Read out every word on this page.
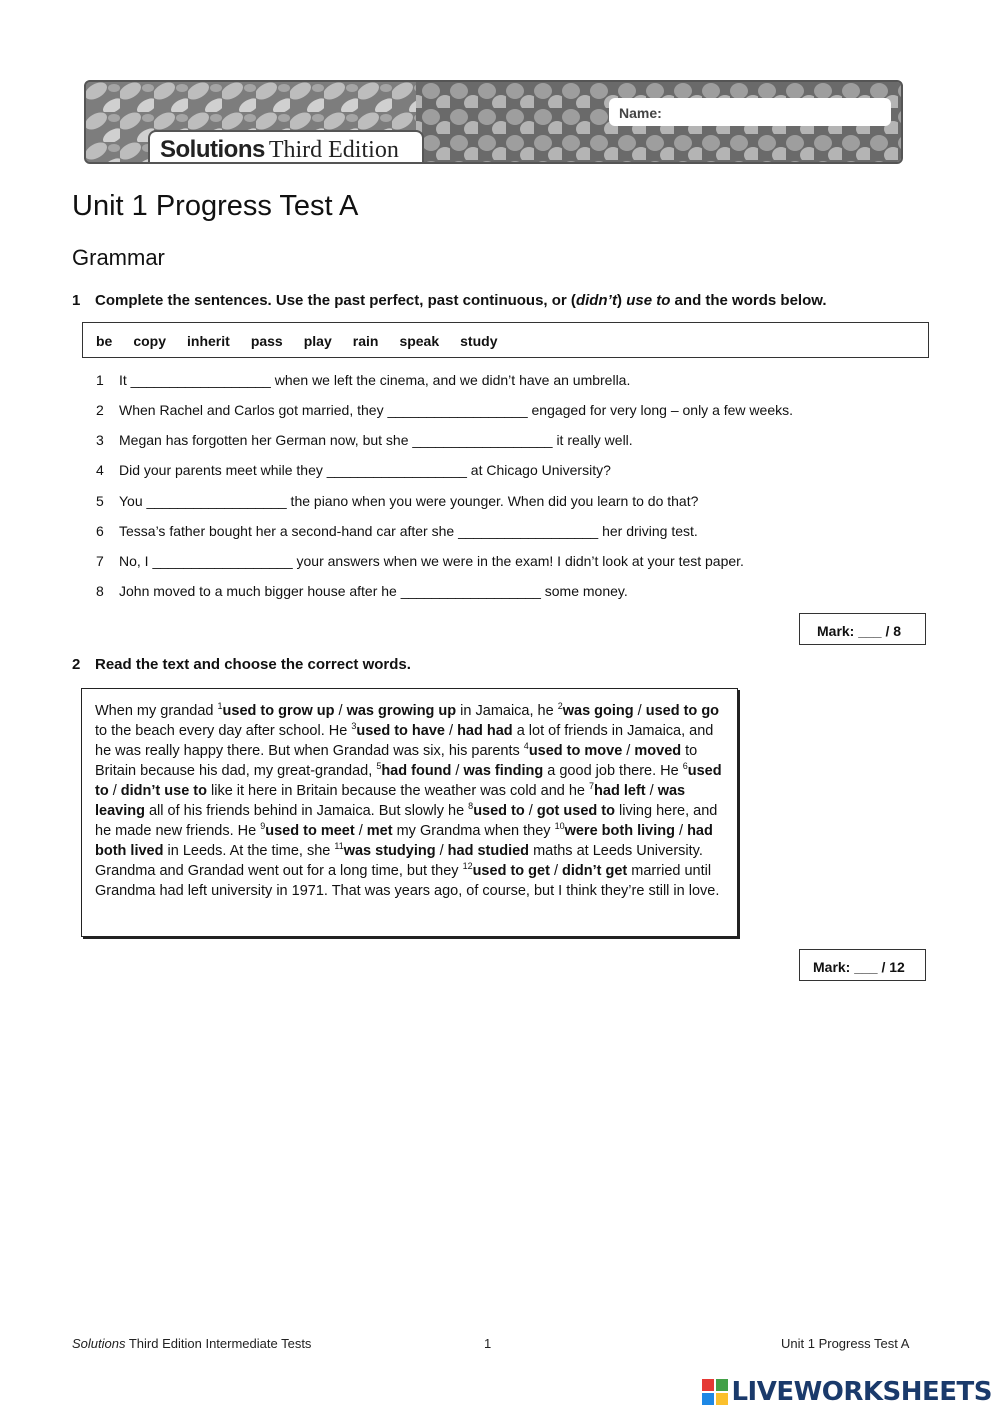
Name:
Solutions Third Edition
Unit 1 Progress Test A
Grammar
1 Complete the sentences. Use the past perfect, past continuous, or (didn’t) use to and the words below.
be copy inherit pass play rain speak study
1 It __________________ when we left the cinema, and we didn’t have an umbrella.
2 When Rachel and Carlos got married, they __________________ engaged for very long – only a few weeks.
3 Megan has forgotten her German now, but she __________________ it really well.
4 Did your parents meet while they __________________ at Chicago University?
5 You __________________ the piano when you were younger. When did you learn to do that?
6 Tessa’s father bought her a second-hand car after she __________________ her driving test.
7 No, I __________________ your answers when we were in the exam! I didn’t look at your test paper.
8 John moved to a much bigger house after he __________________ some money.
Mark: ___ / 8
2 Read the text and choose the correct words.
When my grandad $^1$used to grow up / was growing up in Jamaica, he $^2$was going / used to go to the beach every day after school. He $^3$used to have / had had a lot of friends in Jamaica, and he was really happy there. But when Grandad was six, his parents $^4$used to move / moved to Britain because his dad, my great-grandad, $^5$had found / was finding a good job there. He $^6$used to / didn’t use to like it here in Britain because the weather was cold and he $^7$had left / was leaving all of his friends behind in Jamaica. But slowly he $^8$used to / got used to living here, and he made new friends. He $^9$used to meet / met my Grandma when they $^{10}$were both living / had both lived in Leeds. At the time, she $^{11}$was studying / had studied maths at Leeds University. Grandma and Grandad went out for a long time, but they $^{12}$used to get / didn’t get married until Grandma had left university in 1971. That was years ago, of course, but I think they’re still in love.
Mark: ___ / 12
Solutions Third Edition Intermediate Tests	1	Unit 1 Progress Test A
LIVEWORKSHEETS
